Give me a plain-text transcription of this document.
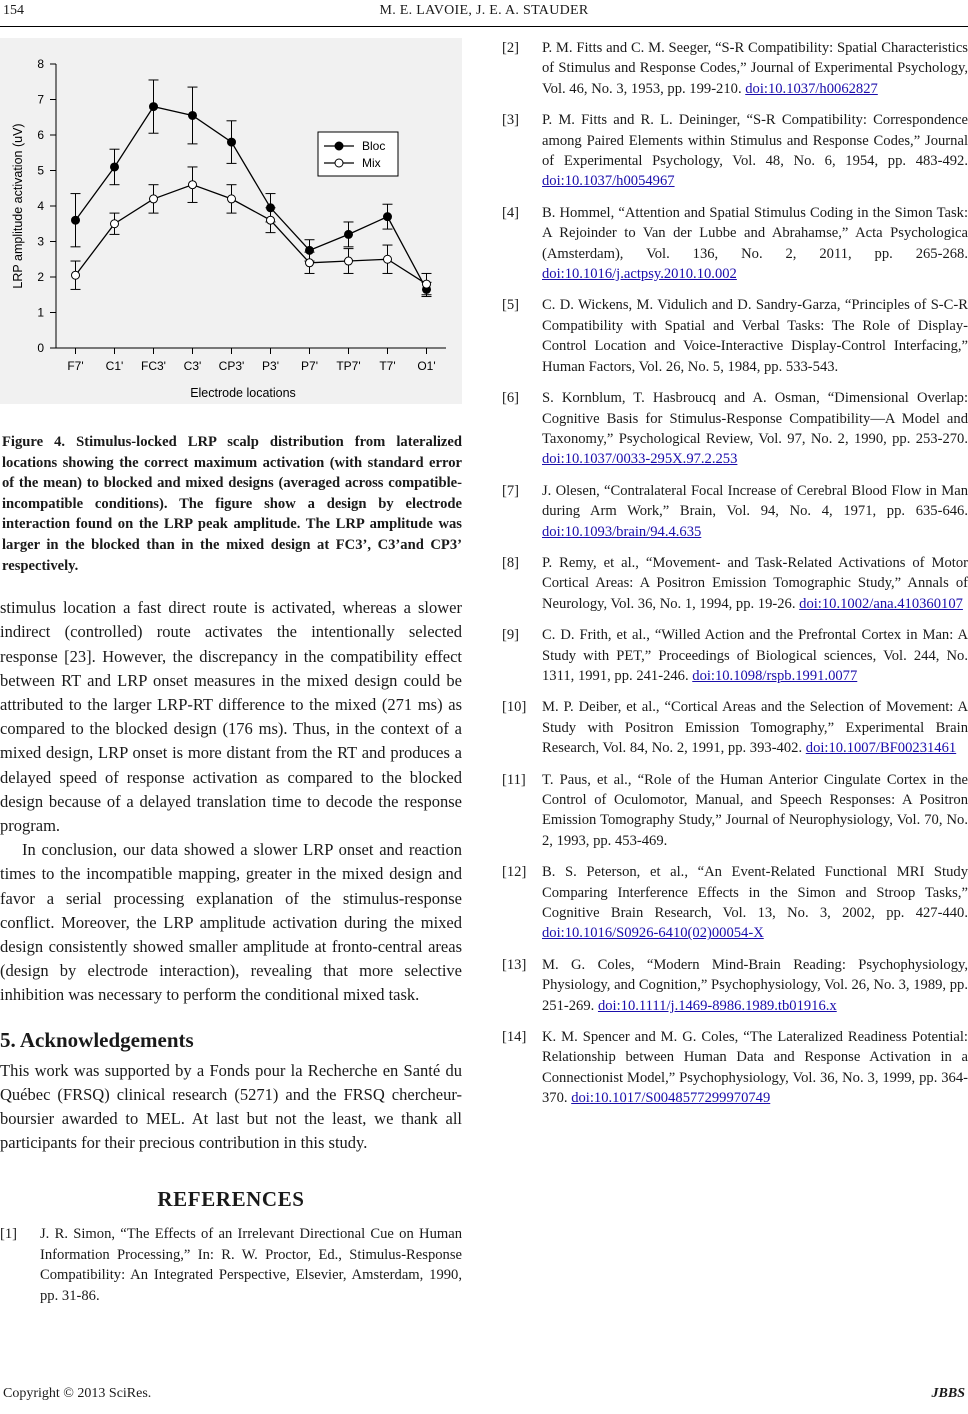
154	M. E. LAVOIE, J. E. A. STAUDER
0
1
2
3
4
5
6
7
8
F7' C1' FC3' C3' CP3' P3' P7' TP7' T7' O1'
Electrode locations
LRP amplitude activation (uV)	Bloc
Mix
Figure 4. Stimulus-locked LRP scalp distribution from lateralized locations showing the correct maximum activation (with standard error of the mean) to blocked and mixed designs (averaged across compatible-incompatible conditions). The figure show a design by electrode interaction found on the LRP peak amplitude. The LRP amplitude was larger in the blocked than in the mixed design at FC3’, C3’and CP3’ respectively.

stimulus location a fast direct route is activated, whereas a slower indirect (controlled) route activates the intentionally selected response [23]. However, the discrepancy in the compatibility effect between RT and LRP onset measures in the mixed design could be attributed to the larger LRP-RT difference to the mixed (271 ms) as compared to the blocked design (176 ms). Thus, in the context of a mixed design, LRP onset is more distant from the RT and produces a delayed speed of response activation as compared to the blocked design because of a delayed translation time to decode the response program.

In conclusion, our data showed a slower LRP onset and reaction times to the incompatible mapping, greater in the mixed design and favor a serial processing explanation of the stimulus-response conflict. Moreover, the LRP amplitude activation during the mixed design consistently showed smaller amplitude at fronto-central areas (design by electrode interaction), revealing that more selective inhibition was necessary to perform the conditional mixed task.

5. Acknowledgements

This work was supported by a Fonds pour la Recherche en Santé du Québec (FRSQ) clinical research (5271) and the FRSQ chercheur-boursier awarded to MEL. At last but not the least, we thank all participants for their precious contribution in this study.

REFERENCES
[1] J. R. Simon, “The Effects of an Irrelevant Directional Cue on Human Information Processing,” In: R. W. Proctor, Ed., Stimulus-Response Compatibility: An Integrated Perspective, Elsevier, Amsterdam, 1990, pp. 31-86.
[2] P. M. Fitts and C. M. Seeger, “S-R Compatibility: Spatial Characteristics of Stimulus and Response Codes,” Journal of Experimental Psychology, Vol. 46, No. 3, 1953, pp. 199-210. doi:10.1037/h0062827
[3] P. M. Fitts and R. L. Deininger, “S-R Compatibility: Correspondence among Paired Elements within Stimulus and Response Codes,” Journal of Experimental Psychology, Vol. 48, No. 6, 1954, pp. 483-492. doi:10.1037/h0054967
[4] B. Hommel, “Attention and Spatial Stimulus Coding in the Simon Task: A Rejoinder to Van der Lubbe and Abrahamse,” Acta Psychologica (Amsterdam), Vol. 136, No. 2, 2011, pp. 265-268. doi:10.1016/j.actpsy.2010.10.002
[5] C. D. Wickens, M. Vidulich and D. Sandry-Garza, “Principles of S-C-R Compatibility with Spatial and Verbal Tasks: The Role of Display-Control Location and Voice-Interactive Display-Control Interfacing,” Human Factors, Vol. 26, No. 5, 1984, pp. 533-543.
[6] S. Kornblum, T. Hasbroucq and A. Osman, “Dimensional Overlap: Cognitive Basis for Stimulus-Response Compatibility—A Model and Taxonomy,” Psychological Review, Vol. 97, No. 2, 1990, pp. 253-270. doi:10.1037/0033-295X.97.2.253
[7] J. Olesen, “Contralateral Focal Increase of Cerebral Blood Flow in Man during Arm Work,” Brain, Vol. 94, No. 4, 1971, pp. 635-646. doi:10.1093/brain/94.4.635
[8] P. Remy, et al., “Movement- and Task-Related Activations of Motor Cortical Areas: A Positron Emission Tomographic Study,” Annals of Neurology, Vol. 36, No. 1, 1994, pp. 19-26. doi:10.1002/ana.410360107
[9] C. D. Frith, et al., “Willed Action and the Prefrontal Cortex in Man: A Study with PET,” Proceedings of Biological sciences, Vol. 244, No. 1311, 1991, pp. 241-246. doi:10.1098/rspb.1991.0077
[10] M. P. Deiber, et al., “Cortical Areas and the Selection of Movement: A Study with Positron Emission Tomography,” Experimental Brain Research, Vol. 84, No. 2, 1991, pp. 393-402. doi:10.1007/BF00231461
[11] T. Paus, et al., “Role of the Human Anterior Cingulate Cortex in the Control of Oculomotor, Manual, and Speech Responses: A Positron Emission Tomography Study,” Journal of Neurophysiology, Vol. 70, No. 2, 1993, pp. 453-469.
[12] B. S. Peterson, et al., “An Event-Related Functional MRI Study Comparing Interference Effects in the Simon and Stroop Tasks,” Cognitive Brain Research, Vol. 13, No. 3, 2002, pp. 427-440. doi:10.1016/S0926-6410(02)00054-X
[13] M. G. Coles, “Modern Mind-Brain Reading: Psychophysiology, Physiology, and Cognition,” Psychophysiology, Vol. 26, No. 3, 1989, pp. 251-269. doi:10.1111/j.1469-8986.1989.tb01916.x
[14] K. M. Spencer and M. G. Coles, “The Lateralized Readiness Potential: Relationship between Human Data and Response Activation in a Connectionist Model,” Psychophysiology, Vol. 36, No. 3, 1999, pp. 364-370. doi:10.1017/S0048577299970749
Copyright © 2013 SciRes.	JBBS
